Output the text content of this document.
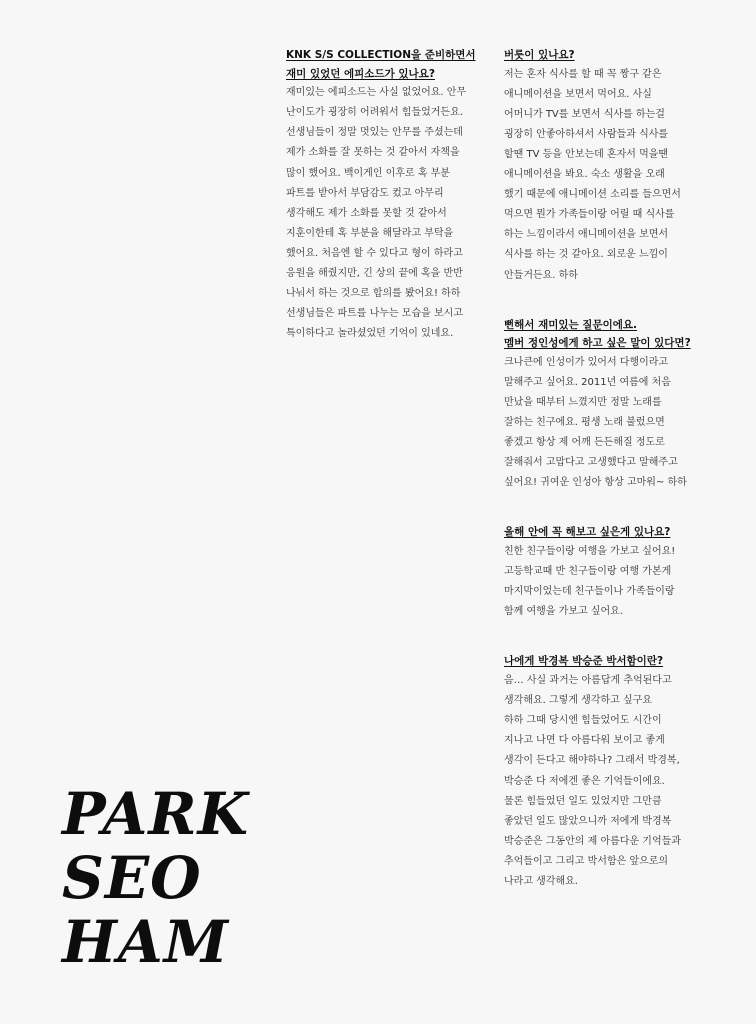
KNK S/S COLLECTION을 준비하면서
재미 있었던 에피소드가 있나요?

재미있는 에피소드는 사실 없었어요. 안무
난이도가 굉장히 어려워서 힘들었거든요.
선생님들이 정말 멋있는 안무를 주셨는데
제가 소화를 잘 못하는 것 같아서 자책을
많이 했어요. 백이게인 이후로 혹 부분
파트를 받아서 부담감도 컸고 아무리
생각해도 제가 소화를 못할 것 같아서
지훈이한테 혹 부분을 해달라고 부탁을
했어요. 처음엔 할 수 있다고 형이 하라고
응원을 해줬지만, 긴 상의 끝에 혹을 반반
나눠서 하는 것으로 합의를 봤어요! 하하
선생님들은 파트를 나누는 모습을 보시고
특이하다고 놀라셨었던 기억이 있네요.

버릇이 있나요?

저는 혼자 식사를 할 때 꼭 짱구 같은
애니메이션을 보면서 먹어요. 사실
어머니가 TV를 보면서 식사를 하는걸
굉장히 안좋아하셔서 사람들과 식사를
할땐 TV 등을 안보는데 혼자서 먹을땐
애니메이션을 봐요. 숙소 생활을 오래
했기 때문에 애니메이션 소리를 들으면서
먹으면 뭔가 가족들이랑 어릴 때 식사를
하는 느낌이라서 애니메이션을 보면서
식사를 하는 것 같아요. 외로운 느낌이
안들거든요. 하하

뻔해서 재미있는 질문이에요.
멤버 정인성에게 하고 싶은 말이 있다면?

크나큰에 인성이가 있어서 다행이라고
말해주고 싶어요. 2011년 여름에 처음
만났을 때부터 느꼈지만 정말 노래를
잘하는 친구에요. 평생 노래 불렀으면
좋겠고 항상 제 어깨 든든해질 정도로
잘해줘서 고맙다고 고생했다고 말해주고
싶어요! 귀여운 인성아 항상 고마워~ 하하

올해 안에 꼭 해보고 싶은게 있나요?

친한 친구들이랑 여행을 가보고 싶어요!
고등학교때 반 친구들이랑 여행 가본게
마지막이었는데 친구들이나 가족들이랑
함께 여행을 가보고 싶어요.

나에게 박경복 박승준 박서함이란?

음… 사실 과거는 아름답게 추억된다고
생각해요. 그렇게 생각하고 싶구요
하하 그때 당시엔 힘들었어도 시간이
지나고 나면 다 아름다워 보이고 좋게
생각이 든다고 해야하나? 그래서 박경복,
박승준 다 저에겐 좋은 기억들이에요.
물론 힘들었던 일도 있었지만 그만큼
좋았던 일도 많았으니까 저에게 박경복
박승준은 그동안의 제 아름다운 기억들과
추억들이고 그리고 박서함은 앞으로의
나라고 생각해요.

PARK
SEO
HAM
